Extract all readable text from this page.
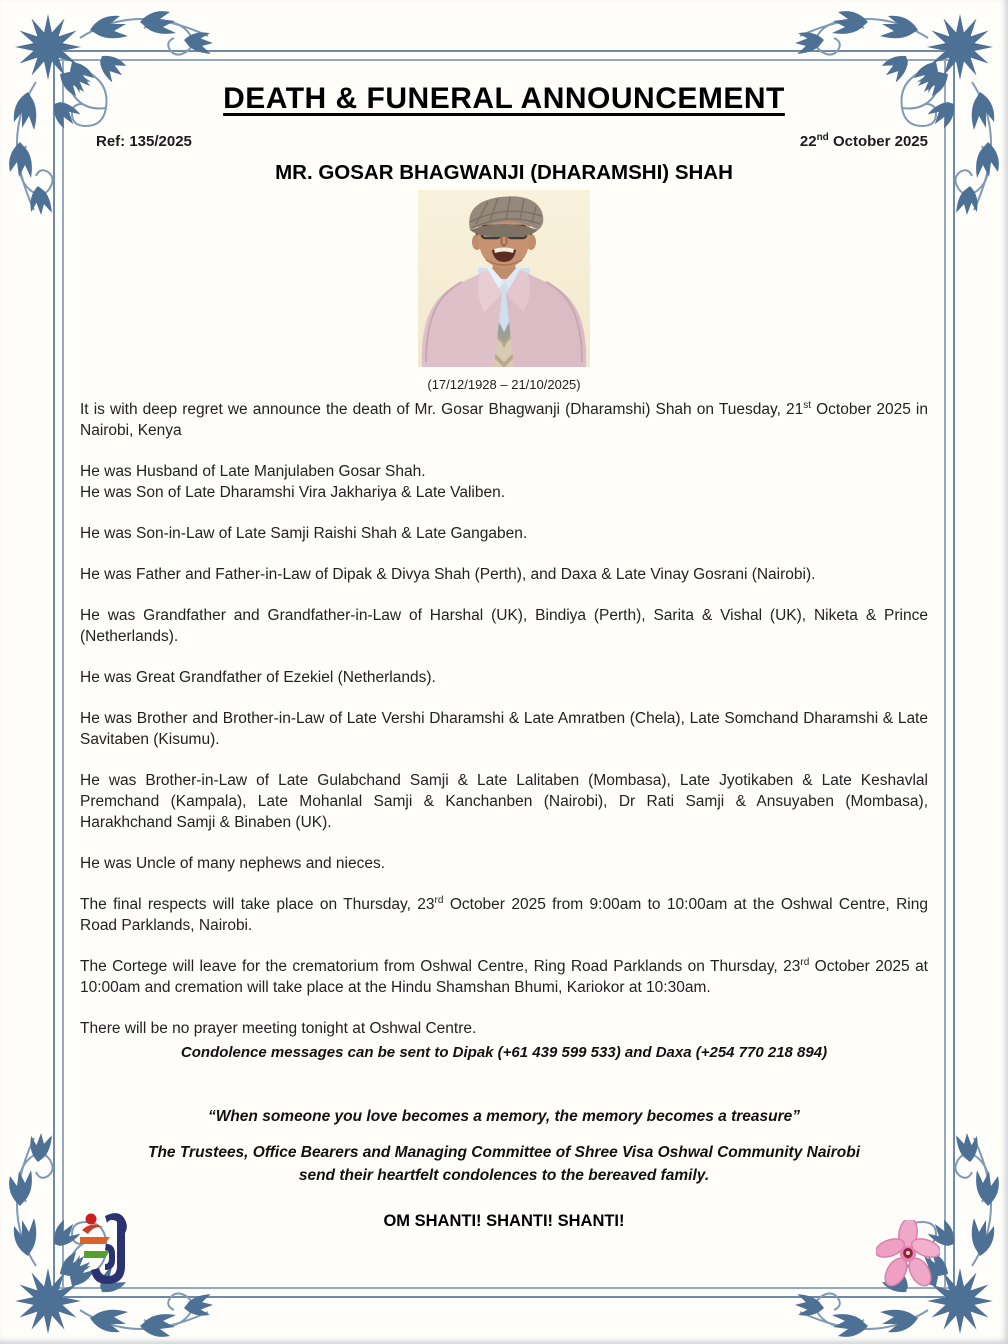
DEATH & FUNERAL ANNOUNCEMENT
Ref: 135/2025	22nd October 2025
MR. GOSAR BHAGWANJI (DHARAMSHI) SHAH
(17/12/1928 – 21/10/2025)

It is with deep regret we announce the death of Mr. Gosar Bhagwanji (Dharamshi) Shah on Tuesday, 21st October 2025 in Nairobi, Kenya

He was Husband of Late Manjulaben Gosar Shah.
He was Son of Late Dharamshi Vira Jakhariya & Late Valiben.

He was Son-in-Law of Late Samji Raishi Shah & Late Gangaben.

He was Father and Father-in-Law of Dipak & Divya Shah (Perth), and Daxa & Late Vinay Gosrani (Nairobi).

He was Grandfather and Grandfather-in-Law of Harshal (UK), Bindiya (Perth), Sarita & Vishal (UK), Niketa & Prince (Netherlands).

He was Great Grandfather of Ezekiel (Netherlands).

He was Brother and Brother-in-Law of Late Vershi Dharamshi & Late Amratben (Chela), Late Somchand Dharamshi & Late Savitaben (Kisumu).

He was Brother-in-Law of Late Gulabchand Samji & Late Lalitaben (Mombasa), Late Jyotikaben & Late Keshavlal Premchand (Kampala), Late Mohanlal Samji & Kanchanben (Nairobi), Dr Rati Samji & Ansuyaben (Mombasa), Harakhchand Samji & Binaben (UK).

He was Uncle of many nephews and nieces.

The final respects will take place on Thursday, 23rd October 2025 from 9:00am to 10:00am at the Oshwal Centre, Ring Road Parklands, Nairobi.

The Cortege will leave for the crematorium from Oshwal Centre, Ring Road Parklands on Thursday, 23rd October 2025 at 10:00am and cremation will take place at the Hindu Shamshan Bhumi, Kariokor at 10:30am.

There will be no prayer meeting tonight at Oshwal Centre.

Condolence messages can be sent to Dipak (+61 439 599 533) and Daxa (+254 770 218 894)
“When someone you love becomes a memory, the memory becomes a treasure”
The Trustees, Office Bearers and Managing Committee of Shree Visa Oshwal Community Nairobi
send their heartfelt condolences to the bereaved family.
OM SHANTI! SHANTI! SHANTI!
